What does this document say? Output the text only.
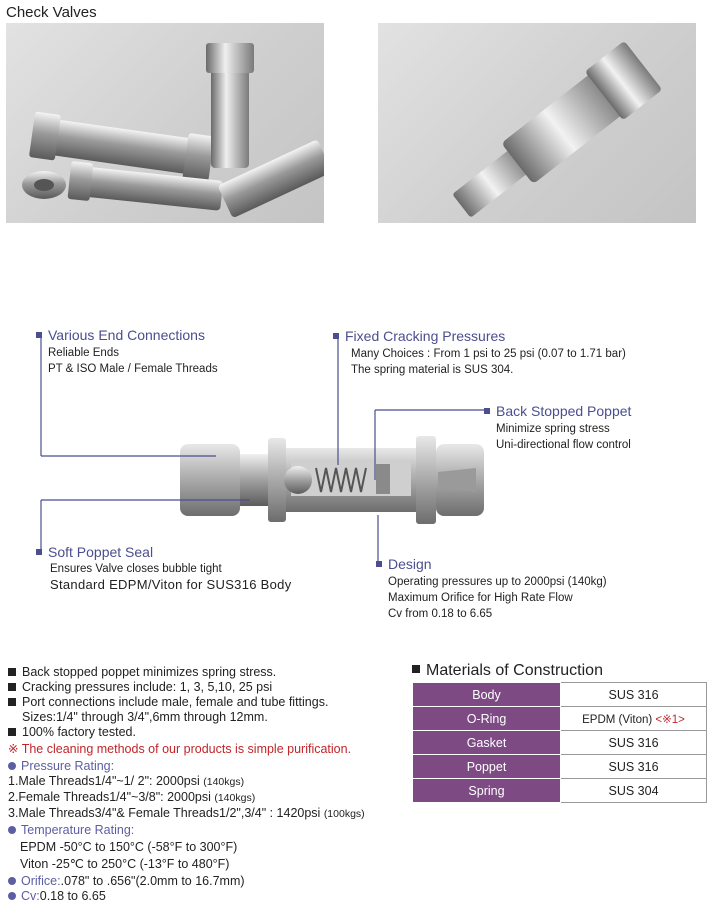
Check Valves
Various End Connections
Reliable Ends
PT & ISO Male / Female Threads
Fixed Cracking Pressures
Many Choices : From 1 psi to 25 psi (0.07 to 1.71 bar)
The spring material is SUS 304.
Back Stopped Poppet
Minimize spring stress
Uni-directional flow control
Soft Poppet Seal
Ensures Valve closes bubble tight
Standard EDPM/Viton for SUS316 Body
Design
Operating pressures up to 2000psi (140kg)
Maximum Orifice for High Rate Flow
Cv from 0.18 to 6.65
Back stopped poppet minimizes spring stress.
Cracking pressures include: 1, 3, 5,10, 25 psi
Port connections include male, female and tube fittings.
Sizes:1/4" through 3/4",6mm through 12mm.
100% factory tested.
※ The cleaning methods of our products is simple purification.
Pressure Rating:
1.Male Threads1/4"~1/ 2": 2000psi (140kgs)
2.Female Threads1/4"~3/8": 2000psi (140kgs)
3.Male Threads3/4"& Female Threads1/2",3/4" : 1420psi (100kgs)
Temperature Rating:
EPDM -50°C to 150°C (-58°F to 300°F)
Viton -25℃ to 250°C (-13°F to 480°F)
Orifice:.078" to .656"(2.0mm to 16.7mm)
Cv:0.18 to 6.65
Materials of Construction
Body	SUS 316
O-Ring	EPDM (Viton) <※1>
Gasket	SUS 316
Poppet	SUS 316
Spring	SUS 304
